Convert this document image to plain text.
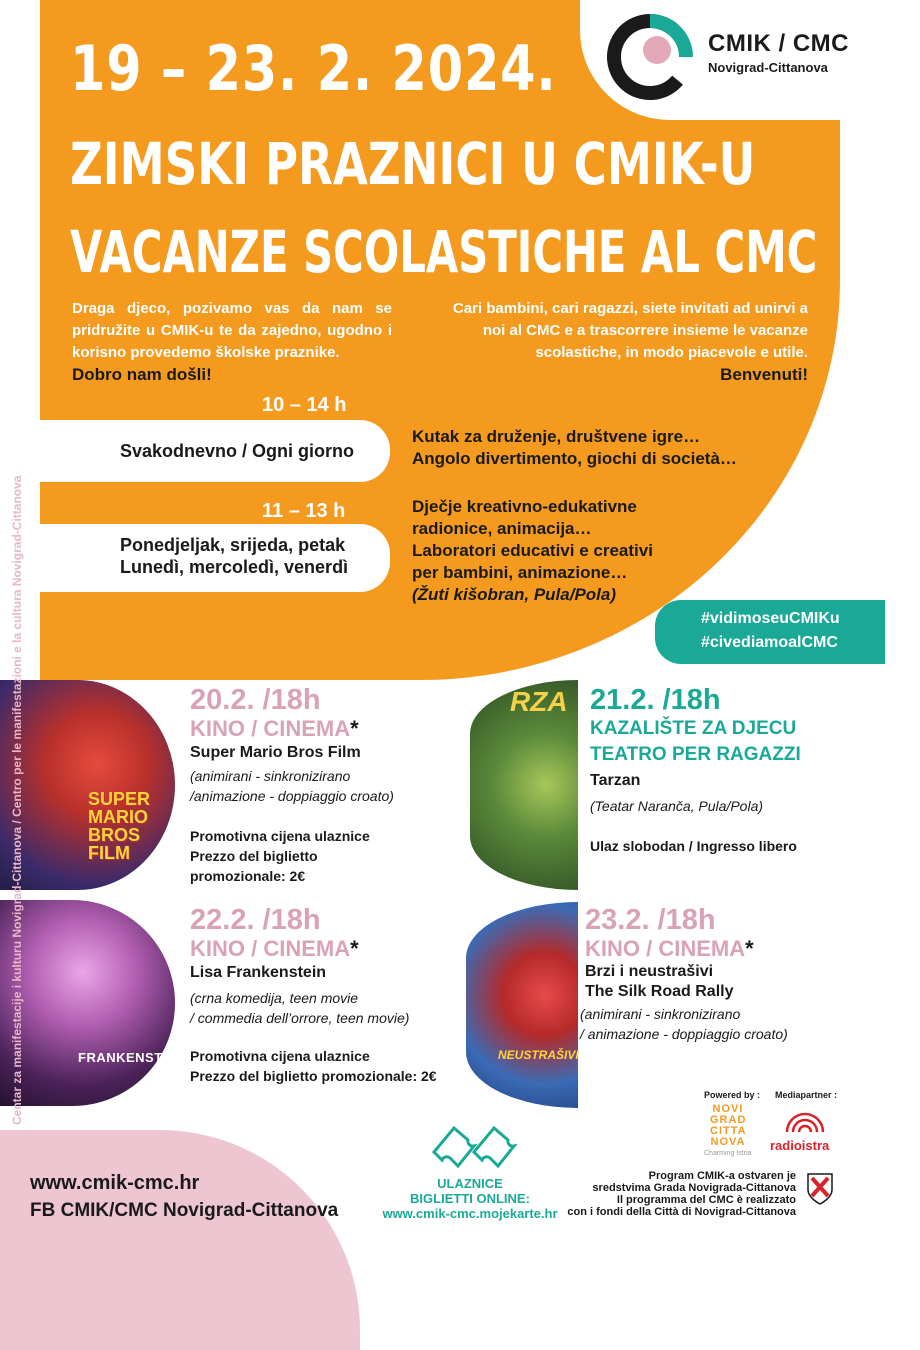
CMIK / CMC
Novigrad-Cittanova
19 – 23. 2. 2024.
ZIMSKI PRAZNICI U CMIK-U
VACANZE SCOLASTICHE AL CMC
Draga djeco, pozivamo vas da nam se pridružite u CMIK-u te da zajedno, ugodno i korisno provedemo školske praznike.
Dobro nam došli!
Cari bambini, cari ragazzi, siete invitati ad unirvi a noi al CMC e a trascorrere insieme le vacanze scolastiche, in modo piacevole e utile.
Benvenuti!
10 – 14 h
Svakodnevno / Ogni giorno
Kutak za druženje, društvene igre…
Angolo divertimento, giochi di società…
11 – 13 h
Ponedjeljak, srijeda, petak
Lunedì, mercoledì, venerdì
Dječje kreativno-edukativne
radionice, animacija…
Laboratori educativi e creativi
per bambini, animazione…
(Žuti kišobran, Pula/Pola)
#vidimoseuCMIKu
#civediamoalCMC
SUPER MARIO BROS FILM
20.2. /18h
KINO / CINEMA*
Super Mario Bros Film
(animirani - sinkronizirano
/animazione - doppiaggio croato)
Promotivna cijena ulaznice
Prezzo del biglietto
promozionale: 2€
RZA 21.2. /18h
KAZALIŠTE ZA DJECU
TEATRO PER RAGAZZI
Tarzan
(Teatar Naranča, Pula/Pola)
Ulaz slobodan / Ingresso libero
FRANKENSTEIN
22.2. /18h
KINO / CINEMA*
Lisa Frankenstein
(crna komedija, teen movie
/ commedia dell’orrore, teen movie)
Promotivna cijena ulaznice
Prezzo del biglietto promozionale: 2€
NEUSTRAŠIVI
23.2. /18h
KINO / CINEMA*
Brzi i neustrašivi
The Silk Road Rally
(animirani - sinkronizirano
/ animazione - doppiaggio croato)
Centar za manifestacije i kulturu Novigrad-Cittanova / Centro per le manifestazioni e la cultura Novigrad-Cittanova
www.cmik-cmc.hr
FB CMIK/CMC Novigrad-Cittanova
ULAZNICE
BIGLIETTI ONLINE:
www.cmik-cmc.mojekarte.hr
Powered by :
NOVI GRAD CITTA NOVA
Charming Istria
Mediapartner :
radioistra
Program CMIK-a ostvaren je
sredstvima Grada Novigrada-Cittanova
Il programma del CMC è realizzato
con i fondi della Città di Novigrad-Cittanova
